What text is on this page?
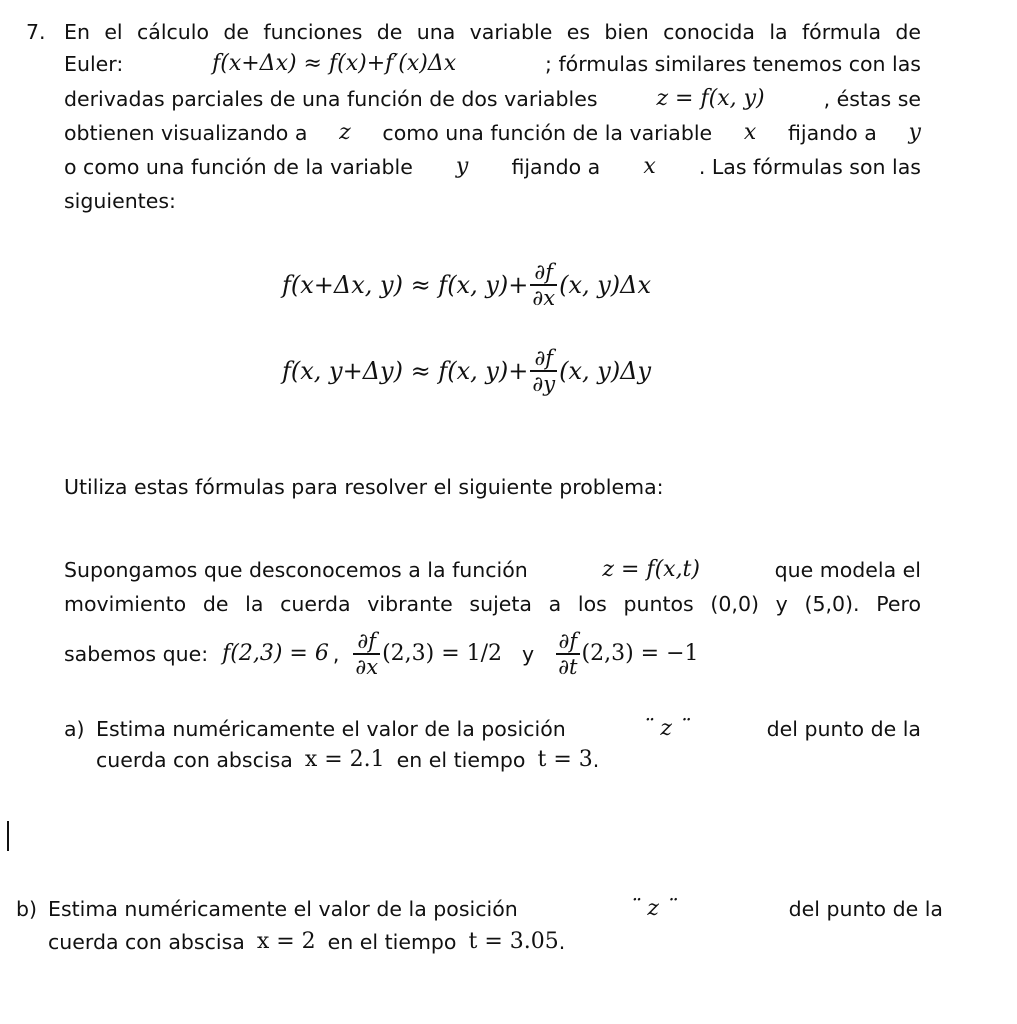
7. En el cálculo de funciones de una variable es bien conocida la fórmula de
Euler:	f(x+Δx) ≈ f(x)+f′(x)Δx	; fórmulas similares tenemos con las
derivadas parciales de una función de dos variables	z = f(x, y)	, éstas se
obtienen visualizando a z como una función de la variable x fijando a y
o como una función de la variable y fijando a x . Las fórmulas son las
siguientes:
f(x+Δx, y) ≈ f(x, $y)+ \frac{\partial f}{\partial x} (x$, y)Δx
f(x, y+Δy) ≈ f(x, $y)+ \frac{\partial f}{\partial y} (x$, y)Δy
Utiliza estas fórmulas para resolver el siguiente problema:
Supongamos que desconocemos a la función	z = f(x,t)	que modela el
movimiento de la cuerda vibrante sujeta a los puntos (0,0) y (5,0). Pero
sabemos que: f(2,3) = 6 , $\frac{\partial f}{\partial x} (2,3) = 1/2$ y $\frac{\partial f}{\partial t} (2,3) = -1$
a) Estima numéricamente el valor de la posición	¨ z ¨	del punto de la
cuerda con abscisa x = 2.1 en el tiempo t = 3 .
b) Estima numéricamente el valor de la posición	¨ z ¨	del punto de la
cuerda con abscisa x = 2 en el tiempo t = 3.05 .
